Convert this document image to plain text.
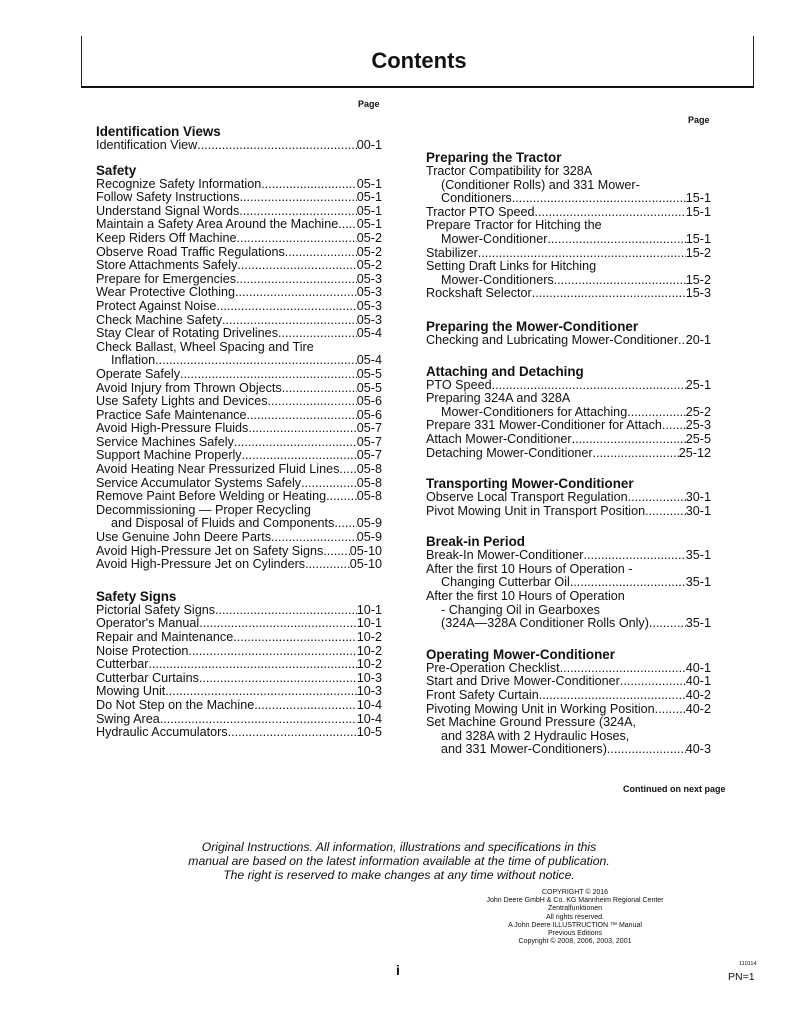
Contents
Page
Page
Identification Views
Identification View .....	00-1
Safety
Recognize Safety Information .....	05-1
Follow Safety Instructions .....	05-1
Understand Signal Words .....	05-1
Maintain a Safety Area Around the Machine ..... 05-1
Keep Riders Off Machine .....	05-2
Observe Road Traffic Regulations .....	05-2
Store Attachments Safely .....	05-2
Prepare for Emergencies .....	05-3
Wear Protective Clothing .....	05-3
Protect Against Noise .....	05-3
Check Machine Safety .....	05-3
Stay Clear of Rotating Drivelines .....	05-4
Check Ballast, Wheel Spacing and Tire
Inflation .....	05-4
Operate Safely .....	05-5
Avoid Injury from Thrown Objects .....	05-5
Use Safety Lights and Devices .....	05-6
Practice Safe Maintenance .....	05-6
Avoid High-Pressure Fluids .....	05-7
Service Machines Safely .....	05-7
Support Machine Properly .....	05-7
Avoid Heating Near Pressurized Fluid Lines ..... 05-8
Service Accumulator Systems Safely .....	05-8
Remove Paint Before Welding or Heating ..... 05-8
Decommissioning — Proper Recycling
and Disposal of Fluids and Components ..... 05-9
Use Genuine John Deere Parts .....	05-9
Avoid High-Pressure Jet on Safety Signs ..... 05-10
Avoid High-Pressure Jet on Cylinders .....	05-10
Safety Signs
Pictorial Safety Signs .....	10-1
Operator's Manual .....	10-1
Repair and Maintenance .....	10-2
Noise Protection .....	10-2
Cutterbar .....	10-2
Cutterbar Curtains .....	10-3
Mowing Unit .....	10-3
Do Not Step on the Machine .....	10-4
Swing Area .....	10-4
Hydraulic Accumulators .....	10-5
Preparing the Tractor
Tractor Compatibility for 328A
(Conditioner Rolls) and 331 Mower-
Conditioners .....	15-1
Tractor PTO Speed .....	15-1
Prepare Tractor for Hitching the
Mower-Conditioner .....	15-1
Stabilizer .....	15-2
Setting Draft Links for Hitching
Mower-Conditioners .....	15-2
Rockshaft Selector .....	15-3
Preparing the Mower-Conditioner
Checking and Lubricating Mower-Conditioner ..... 20-1
Attaching and Detaching
PTO Speed .....	25-1
Preparing 324A and 328A
Mower-Conditioners for Attaching .....	25-2
Prepare 331 Mower-Conditioner for Attach ..... 25-3
Attach Mower-Conditioner .....	25-5
Detaching Mower-Conditioner .....	25-12
Transporting Mower-Conditioner
Observe Local Transport Regulation .....	30-1
Pivot Mowing Unit in Transport Position .....	30-1
Break-in Period
Break-In Mower-Conditioner .....	35-1
After the first 10 Hours of Operation -
Changing Cutterbar Oil .....	35-1
After the first 10 Hours of Operation
- Changing Oil in Gearboxes
(324A—328A Conditioner Rolls Only) .....	35-1
Operating Mower-Conditioner
Pre-Operation Checklist .....	40-1
Start and Drive Mower-Conditioner .....	40-1
Front Safety Curtain .....	40-2
Pivoting Mowing Unit in Working Position ..... 40-2
Set Machine Ground Pressure (324A,
and 328A with 2 Hydraulic Hoses,
and 331 Mower-Conditioners) .....	40-3
Continued on next page
Original Instructions. All information, illustrations and specifications in this
manual are based on the latest information available at the time of publication.
The right is reserved to make changes at any time without notice.
COPYRIGHT © 2016
John Deere GmbH & Co. KG Mannheim Regional Center
Zentralfunktionen
All rights reserved.
A John Deere ILLUSTRUCTION ™ Manual
Previous Editions
Copyright © 2008, 2006, 2003, 2001
i	110114
PN=1
